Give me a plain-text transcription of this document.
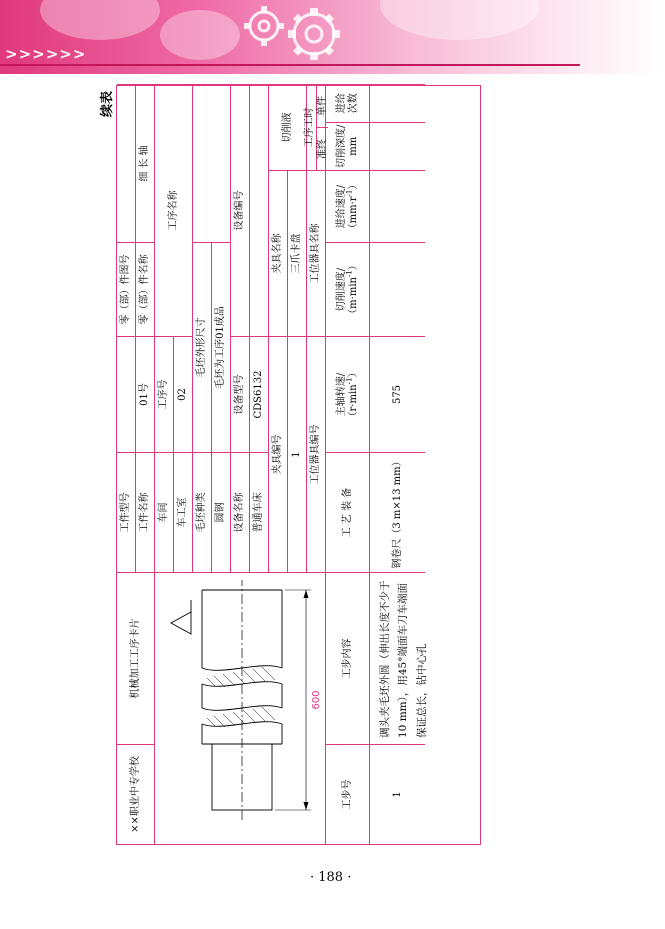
>>>>>>
续表
××职业中专学校
机械加工工序卡片
工件型号 工件名称
01号
零（部）件图号 零（部）件名称
细 长 轴
600
车间
工序号
工序名称
车工室
02
毛坯种类
毛坯外形尺寸
圆钢
毛坯为工序01成品
设备名称
设备型号
设备编号
普通车床
CDS6132
夹具编号
夹具名称
切削液
1
三爪卡盘
工位器具编号
工位器具名称
工序工时
准终
单件
工步号
工步内容
工 艺 装 备
主轴转速/ $(r\cdot\min^{-1})$
切削速度/ $(m\cdot\min^{-1})$
进给速度/ $(mm\cdot r^{-1})$
切削深度/ mm
进给 次数
1
调头夹毛坯外圆（伸出长度不少于10 mm），用45°端面车刀车端面保证总长，钻中心孔
钢卷尺（3 m×13 mm）
575
· 188 ·
